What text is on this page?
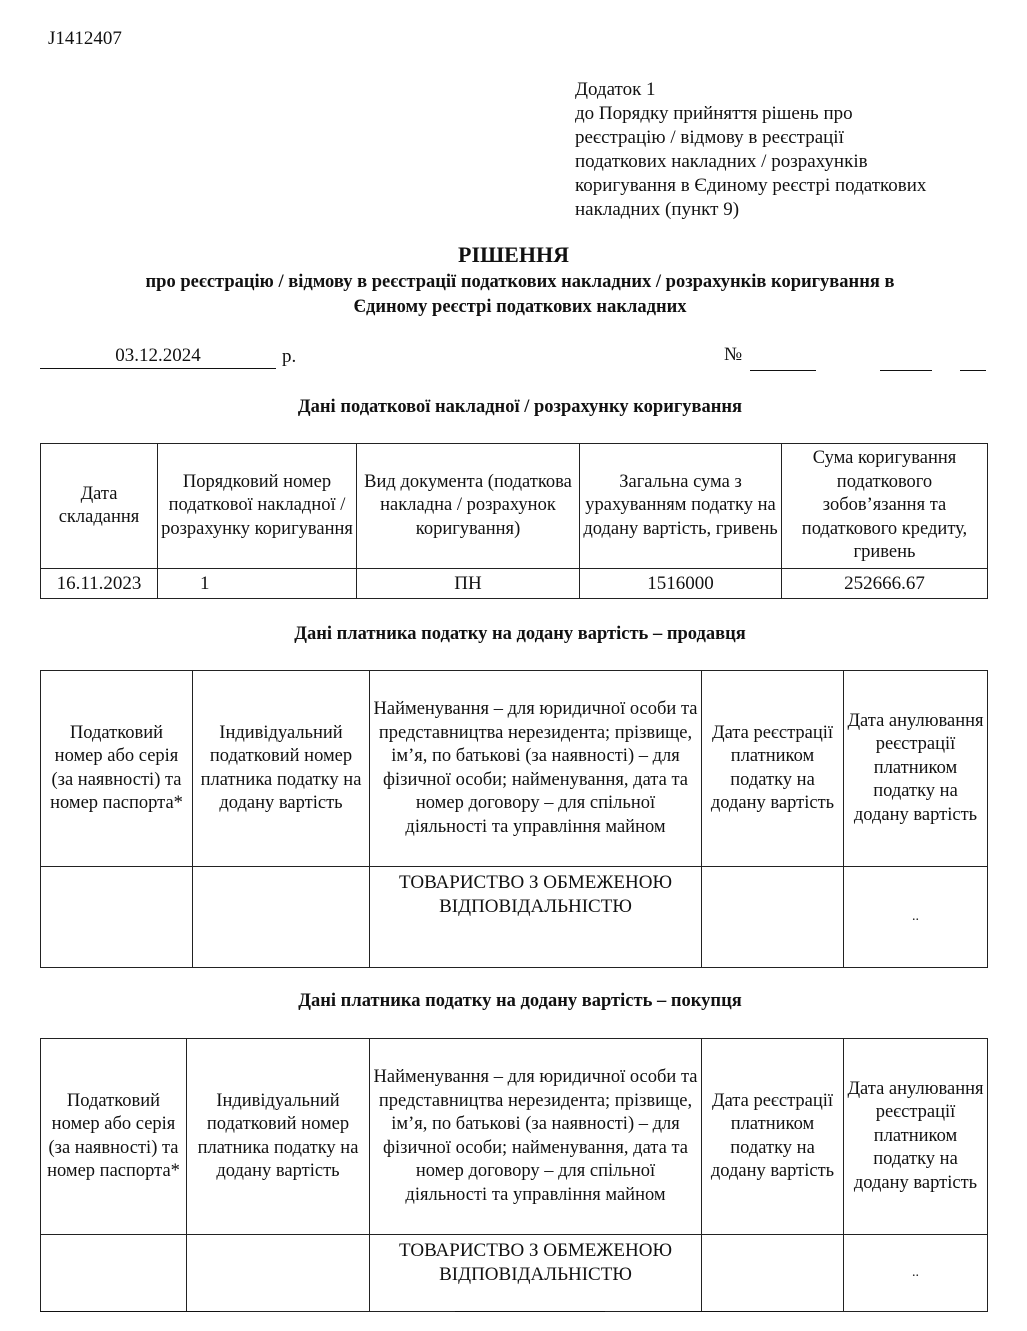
J1412407
Додаток 1
до Порядку прийняття рішень про
реєстрацію / відмову в реєстрації
податкових накладних / розрахунків
коригування в Єдиному реєстрі податкових
накладних (пункт 9)
РІШЕННЯ
про реєстрацію / відмову в реєстрації податкових накладних / розрахунків коригування в
Єдиному реєстрі податкових накладних
03.12.2024	р.	№
Дані податкової накладної / розрахунку коригування
Дата складання	Порядковий номер податкової накладної / розрахунку коригування	Вид документа (податкова накладна / розрахунок коригування)	Загальна сума з урахуванням податку на додану вартість, гривень	Сума коригування податкового зобов’язання та податкового кредиту, гривень
16.11.2023	1	ПН	1516000	252666.67
Дані платника податку на додану вартість – продавця
Податковий номер або серія (за наявності) та номер паспорта*	Індивідуальний податковий номер платника податку на додану вартість	Найменування – для юридичної особи та представництва нерезидента; прізвище, ім’я, по батькові (за наявності) – для фізичної особи; найменування, дата та номер договору – для спільної діяльності та управління майном	Дата реєстрації платником податку на додану вартість	Дата анулювання реєстрації платником податку на додану вартість
		ТОВАРИСТВО З ОБМЕЖЕНОЮ ВІДПОВІДАЛЬНІСТЮ		..
Дані платника податку на додану вартість – покупця
Податковий номер або серія (за наявності) та номер паспорта*	Індивідуальний податковий номер платника податку на додану вартість	Найменування – для юридичної особи та представництва нерезидента; прізвище, ім’я, по батькові (за наявності) – для фізичної особи; найменування, дата та номер договору – для спільної діяльності та управління майном	Дата реєстрації платником податку на додану вартість	Дата анулювання реєстрації платником податку на додану вартість
		ТОВАРИСТВО З ОБМЕЖЕНОЮ ВІДПОВІДАЛЬНІСТЮ		..
